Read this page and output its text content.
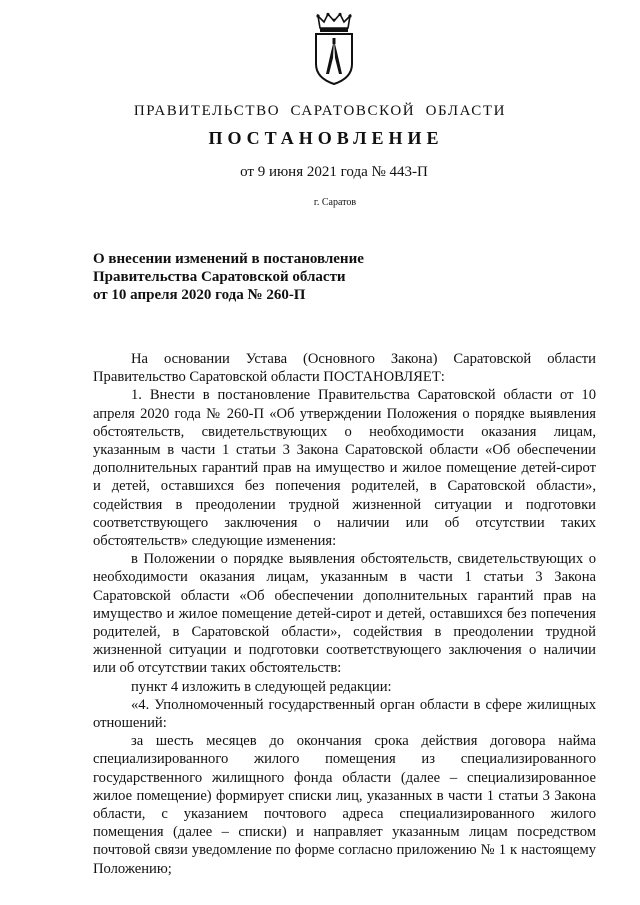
ПРАВИТЕЛЬСТВО САРАТОВСКОЙ ОБЛАСТИ
ПОСТАНОВЛЕНИЕ
от 9 июня 2021 года № 443-П
г. Саратов
О внесении изменений в постановление
Правительства Саратовской области
от 10 апреля 2020 года № 260-П

На основании Устава (Основного Закона) Саратовской области Правительство Саратовской области ПОСТАНОВЛЯЕТ:

1. Внести в постановление Правительства Саратовской области от 10 апреля 2020 года № 260-П «Об утверждении Положения о порядке выявления обстоятельств, свидетельствующих о необходимости оказания лицам, указанным в части 1 статьи 3 Закона Саратовской области «Об обеспечении дополнительных гарантий прав на имущество и жилое помещение детей-сирот и детей, оставшихся без попечения родителей, в Саратовской области», содействия в преодолении трудной жизненной ситуации и подготовки соответствующего заключения о наличии или об отсутствии таких обстоятельств» следующие изменения:

в Положении о порядке выявления обстоятельств, свидетельствующих о необходимости оказания лицам, указанным в части 1 статьи 3 Закона Саратовской области «Об обеспечении дополнительных гарантий прав на имущество и жилое помещение детей-сирот и детей, оставшихся без попечения родителей, в Саратовской области», содействия в преодолении трудной жизненной ситуации и подготовки соответствующего заключения о наличии или об отсутствии таких обстоятельств:

пункт 4 изложить в следующей редакции:

«4. Уполномоченный государственный орган области в сфере жилищных отношений:

за шесть месяцев до окончания срока действия договора найма специализированного жилого помещения из специализированного государственного жилищного фонда области (далее – специализированное жилое помещение) формирует списки лиц, указанных в части 1 статьи 3 Закона области, с указанием почтового адреса специализированного жилого помещения (далее – списки) и направляет указанным лицам посредством почтовой связи уведомление по форме согласно приложению № 1 к настоящему Положению;
